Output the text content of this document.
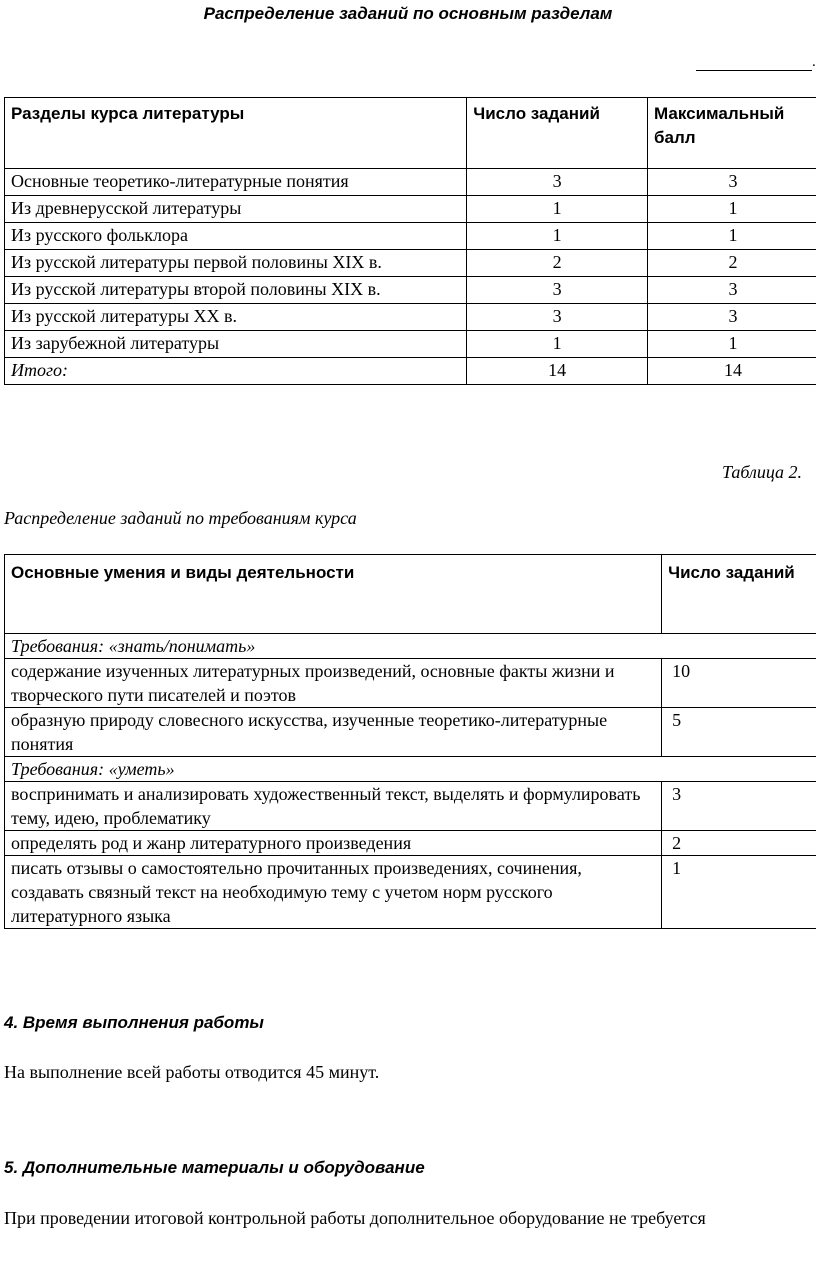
Распределение заданий по основным разделам
.
Разделы курса литературы	Число заданий	Максимальный балл
Основные теоретико-литературные понятия	3	3
Из древнерусской литературы	1	1
Из русского фольклора	1	1
Из русской литературы первой половины XIX в.	2	2
Из русской литературы второй половины XIX в.	3	3
Из русской литературы XX в.	3	3
Из зарубежной литературы	1	1
Итого:	14	14
Таблица 2.
Распределение заданий по требованиям курса
Основные умения и виды деятельности	Число заданий
Требования: «знать/понимать»	
содержание изученных литературных произведений, основные факты жизни и творческого пути писателей и поэтов	10
образную природу словесного искусства, изученные теоретико-литературные понятия	5
Требования: «уметь»	
воспринимать и анализировать художественный текст, выделять и формулировать тему, идею, проблематику	3
определять род и жанр литературного произведения	2
писать отзывы о самостоятельно прочитанных произведениях, сочинения, создавать связный текст на необходимую тему с учетом норм русского литературного языка	1
4. Время выполнения работы
На выполнение всей работы отводится 45 минут.
5. Дополнительные материалы и оборудование
При проведении итоговой контрольной работы дополнительное оборудование не требуется
